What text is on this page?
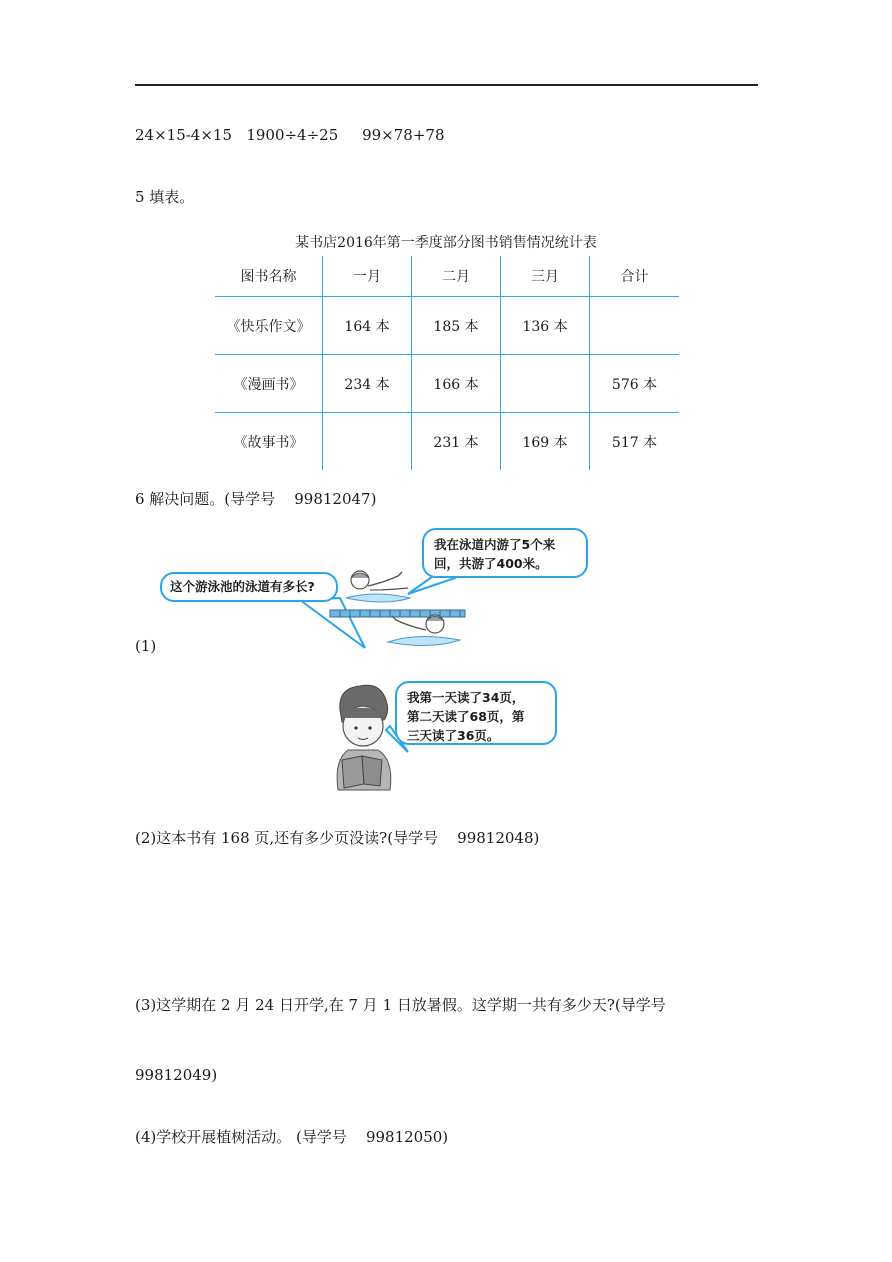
24×15-4×15   1900÷4÷25     99×78+78
5 填表。
某书店2016年第一季度部分图书销售情况统计表
图书名称	一月	二月	三月	合计
《快乐作文》	164 本	185 本	136 本	
《漫画书》	234 本	166 本		576 本
《故事书》		231 本	169 本	517 本
6 解决问题。(导学号    99812047)
这个游泳池的泳道有多长?
我在泳道内游了5个来
回，共游了400米。
(1)
我第一天读了34页，
第二天读了68页，第
三天读了36页。
(2)这本书有 168 页,还有多少页没读?(导学号    99812048)
(3)这学期在 2 月 24 日开学,在 7 月 1 日放暑假。这学期一共有多少天?(导学号
99812049)
(4)学校开展植树活动。 (导学号    99812050)
